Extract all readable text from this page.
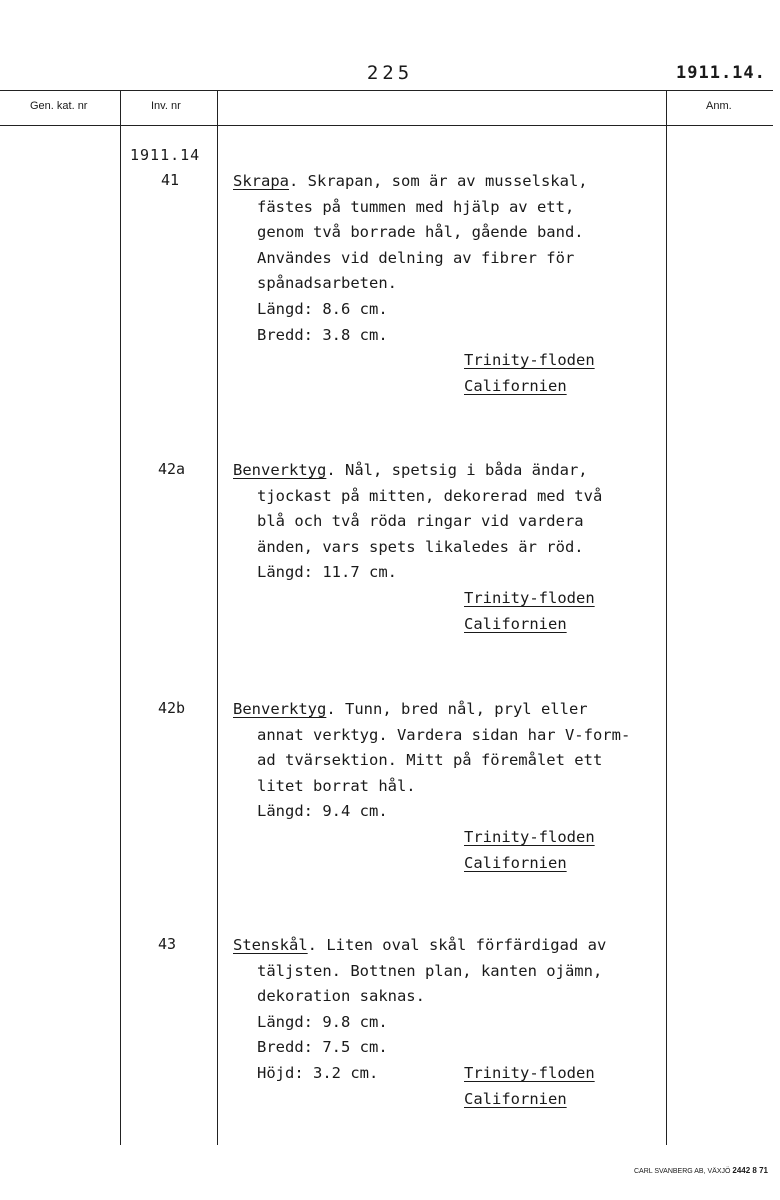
225	1911.14.
Gen. kat. nr	Inv. nr	Anm.
1911.14
41	Skrapa. Skrapan, som är av musselskal,
fästes på tummen med hjälp av ett,
genom två borrade hål, gående band.
Användes vid delning av fibrer för
spånadsarbeten.
Längd: 8.6 cm.
Bredd: 3.8 cm.
Trinity-floden
Californien
42a	Benverktyg. Nål, spetsig i båda ändar,
tjockast på mitten, dekorerad med två
blå och två röda ringar vid vardera
änden, vars spets likaledes är röd.
Längd: 11.7 cm.
Trinity-floden
Californien
42b	Benverktyg. Tunn, bred nål, pryl eller
annat verktyg. Vardera sidan har V-form-
ad tvärsektion. Mitt på föremålet ett
litet borrat hål.
Längd: 9.4 cm.
Trinity-floden
Californien
43	Stenskål. Liten oval skål förfärdigad av
täljsten. Bottnen plan, kanten ojämn,
dekoration saknas.
Längd: 9.8 cm.
Bredd: 7.5 cm.
Höjd: 3.2 cm.	Trinity-floden
Californien
CARL SVANBERG AB, VÄXJÖ 2442 8 71
